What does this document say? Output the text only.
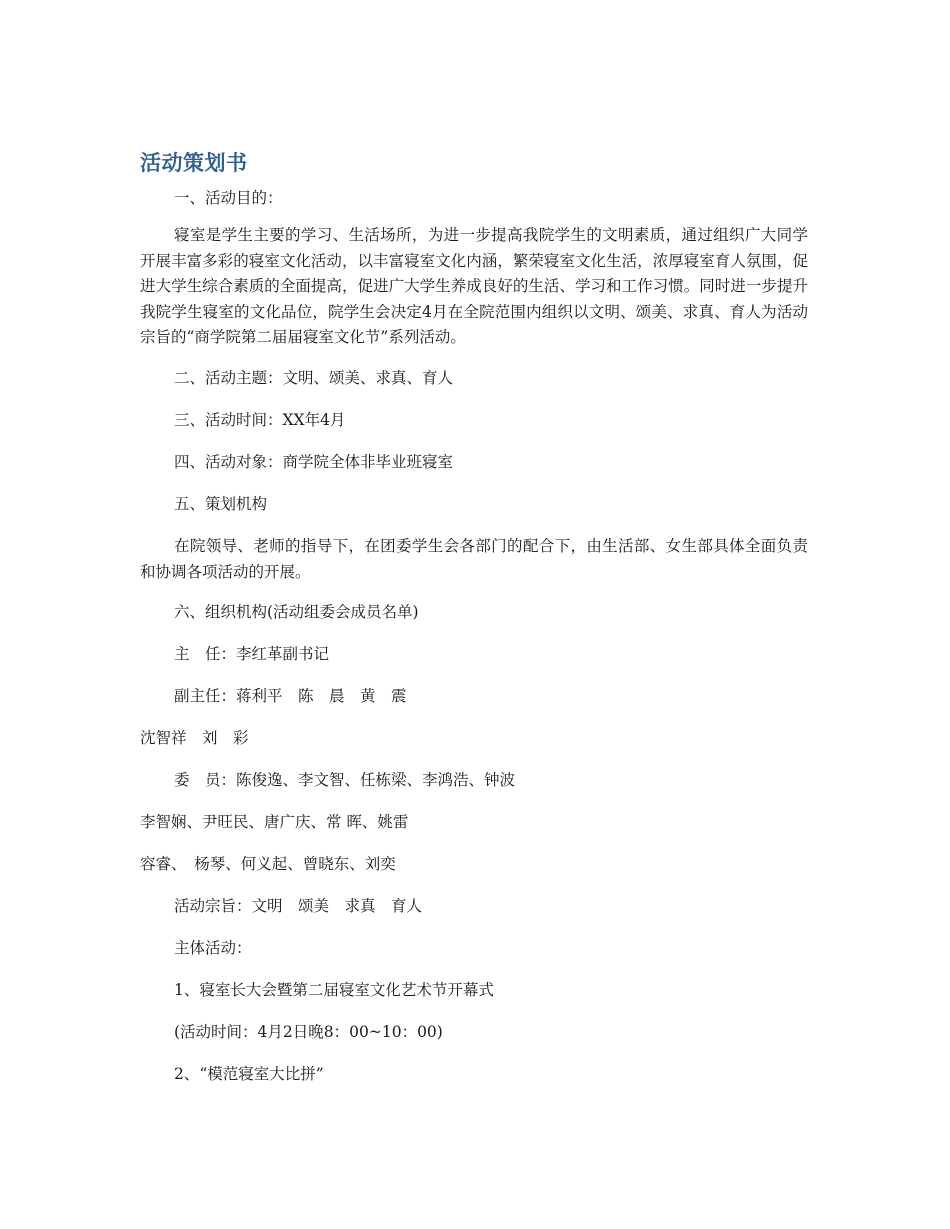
活动策划书

一、活动目的：

寝室是学生主要的学习、生活场所，为进一步提高我院学生的文明素质，通过组织广大同学开展丰富多彩的寝室文化活动，以丰富寝室文化内涵，繁荣寝室文化生活，浓厚寝室育人氛围，促进大学生综合素质的全面提高，促进广大学生养成良好的生活、学习和工作习惯。同时进一步提升我院学生寝室的文化品位，院学生会决定4月在全院范围内组织以文明、颂美、求真、育人为活动宗旨的“商学院第二届届寝室文化节”系列活动。

二、活动主题：文明、颂美、求真、育人

三、活动时间：XX年4月

四、活动对象：商学院全体非毕业班寝室

五、策划机构

在院领导、老师的指导下，在团委学生会各部门的配合下，由生活部、女生部具体全面负责和协调各项活动的开展。

六、组织机构(活动组委会成员名单)

主　任：李红革副书记

副主任：蒋利平　陈　晨　黄　震

沈智祥　刘　彩

委　员：陈俊逸、李文智、任栋梁、李鸿浩、钟波

李智娴、尹旺民、唐广庆、常 晖、姚雷

容睿、　杨琴、何义起、曾晓东、刘奕

活动宗旨：文明　颂美　求真　育人

主体活动：

1、寝室长大会暨第二届寝室文化艺术节开幕式

(活动时间：4月2日晚8：00~10：00)

2、“模范寝室大比拼”
